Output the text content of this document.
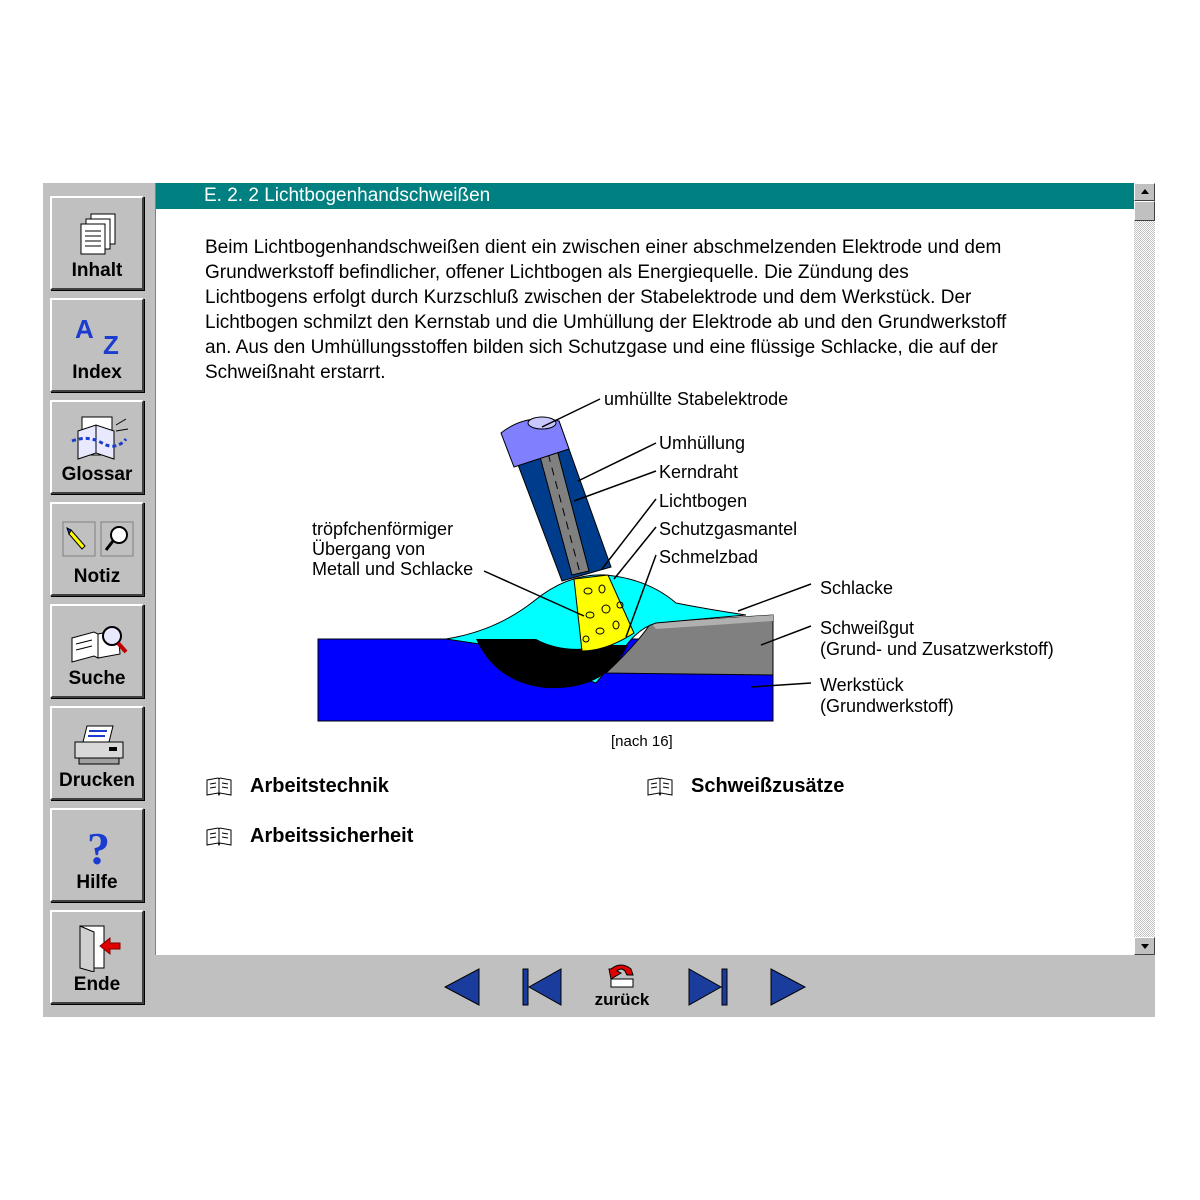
Inhalt
A
Z
Index
Glossar
Notiz
Suche
Drucken
?
Hilfe
Ende
E. 2. 2 Lichtbogenhandschweißen
Beim Lichtbogenhandschweißen dient ein zwischen einer abschmelzenden Elektrode und dem
Grundwerkstoff befindlicher, offener Lichtbogen als Energiequelle. Die Zündung des
Lichtbogens erfolgt durch Kurzschluß zwischen der Stabelektrode und dem Werkstück. Der
Lichtbogen schmilzt den Kernstab und die Umhüllung der Elektrode ab und den Grundwerkstoff
an. Aus den Umhüllungsstoffen bilden sich Schutzgase und eine flüssige Schlacke, die auf der
Schweißnaht erstarrt.
umhüllte Stabelektrode
Umhüllung
Kerndraht
Lichtbogen
Schutzgasmantel
Schmelzbad
tröpfchenförmiger
Übergang von
Metall und Schlacke
Schlacke
Schweißgut
(Grund- und Zusatzwerkstoff)
Werkstück
(Grundwerkstoff)
[nach 16]
Arbeitstechnik	Schweißzusätze
Arbeitssicherheit
zurück
